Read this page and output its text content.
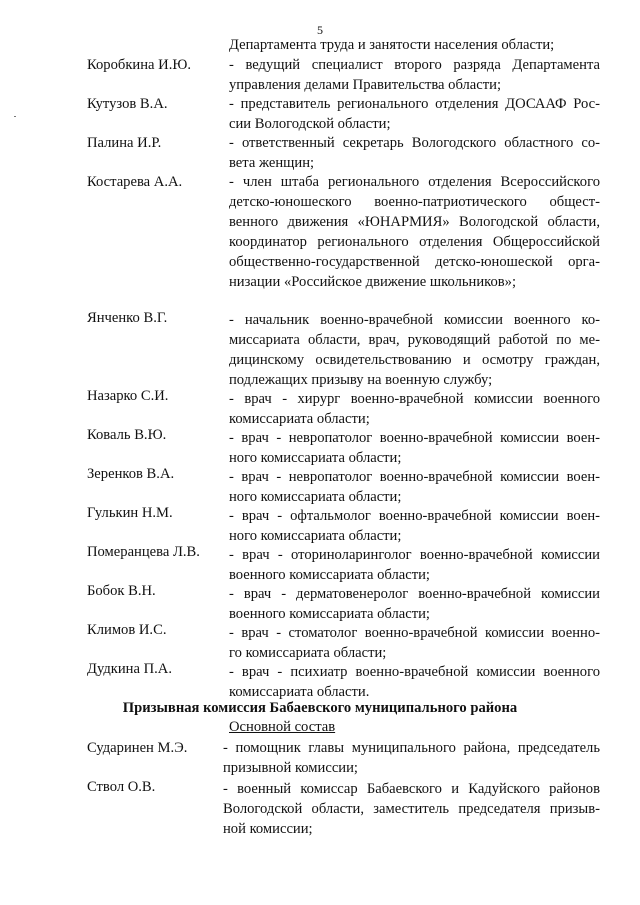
5
Департамента труда и занятости населения области;
Коробкина И.Ю.	- ведущий специалист второго разряда Департамента
управления делами Правительства области;
Кутузов В.А.	- представитель регионального отделения ДОСААФ Рос-
сии Вологодской области;
Палина И.Р.	- ответственный секретарь Вологодского областного со-
вета женщин;
Костарева А.А.	- член штаба регионального отделения Всероссийского
детско-юношеского военно-патриотического общест-
венного движения «ЮНАРМИЯ» Вологодской области,
координатор регионального отделения Общероссийской
общественно-государственной детско-юношеской орга-
низации «Российское движение школьников»;
Янченко В.Г.	- начальник военно-врачебной комиссии военного ко-
миссариата области, врач, руководящий работой по ме-
дицинскому освидетельствованию и осмотру граждан,
подлежащих призыву на военную службу;
Назарко С.И.	- врач - хирург военно-врачебной комиссии военного
комиссариата области;
Коваль В.Ю.	- врач - невропатолог военно-врачебной комиссии воен-
ного комиссариата области;
Зеренков В.А.	- врач - невропатолог военно-врачебной комиссии воен-
ного комиссариата области;
Гулькин Н.М.	- врач - офтальмолог военно-врачебной комиссии воен-
ного комиссариата области;
Померанцева Л.В. - врач - оториноларинголог военно-врачебной комиссии
военного комиссариата области;
Бобок В.Н.	- врач - дерматовенеролог военно-врачебной комиссии
военного комиссариата области;
Климов И.С.	- врач - стоматолог военно-врачебной комиссии военно-
го комиссариата области;
Дудкина П.А.	- врач - психиатр военно-врачебной комиссии военного
комиссариата области.
Призывная комиссия Бабаевского муниципального района
Основной состав
Сударинен М.Э. - помощник главы муниципального района, председатель
призывной комиссии;
Ствол О.В.	- военный комиссар Бабаевского и Кадуйского районов
Вологодской области, заместитель председателя призыв-
ной комиссии;
